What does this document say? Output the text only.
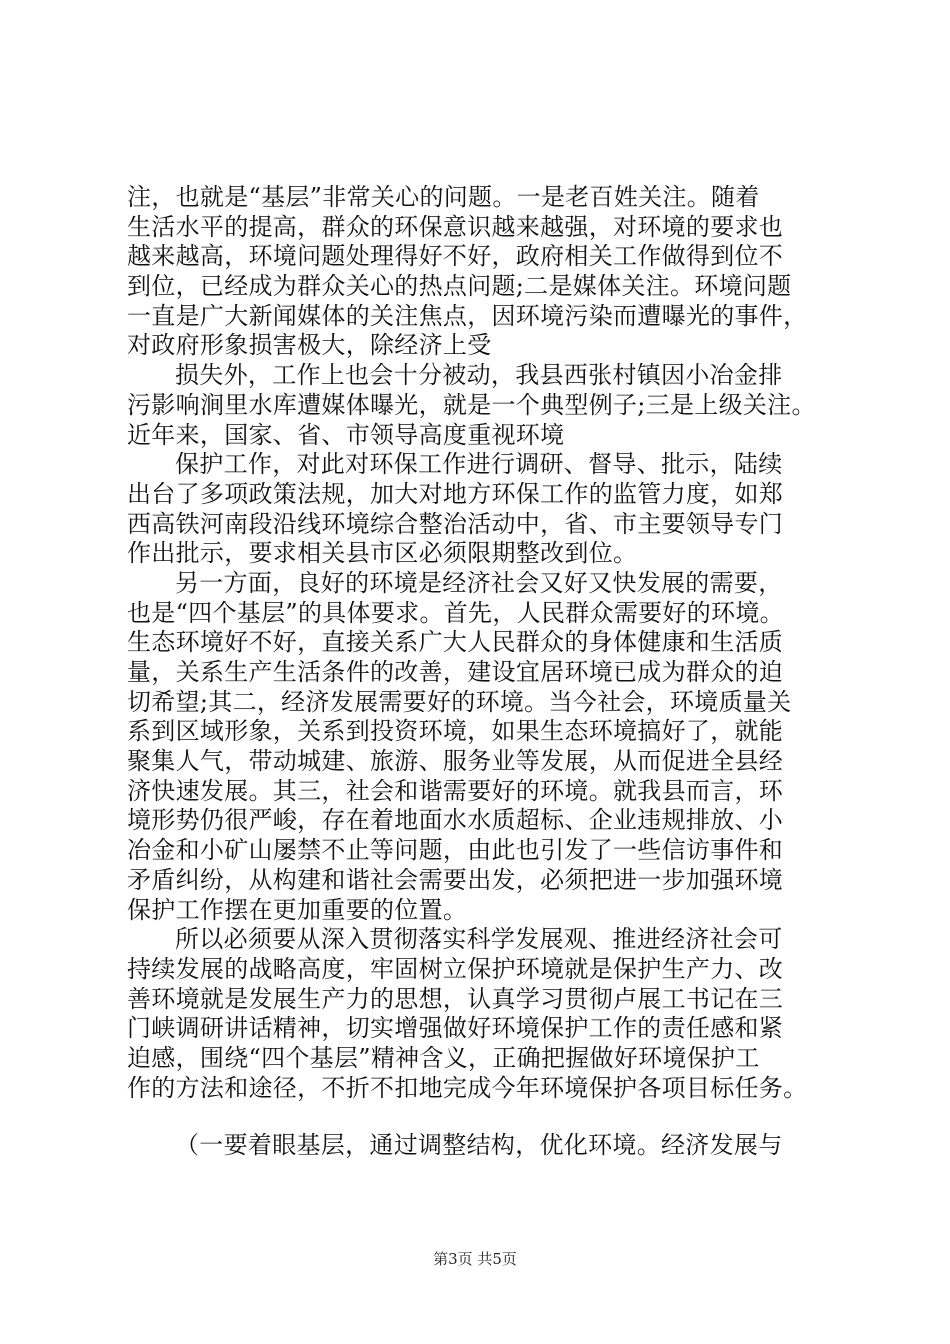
注，也就是“基层”非常关心的问题。一是老百姓关注。随着
生活水平的提高，群众的环保意识越来越强，对环境的要求也
越来越高，环境问题处理得好不好，政府相关工作做得到位不
到位，已经成为群众关心的热点问题;二是媒体关注。环境问题
一直是广大新闻媒体的关注焦点，因环境污染而遭曝光的事件，
对政府形象损害极大，除经济上受
损失外，工作上也会十分被动，我县西张村镇因小冶金排
污影响涧里水库遭媒体曝光，就是一个典型例子;三是上级关注。
近年来，国家、省、市领导高度重视环境
保护工作，对此对环保工作进行调研、督导、批示，陆续
出台了多项政策法规，加大对地方环保工作的监管力度，如郑
西高铁河南段沿线环境综合整治活动中，省、市主要领导专门
作出批示，要求相关县市区必须限期整改到位。
另一方面，良好的环境是经济社会又好又快发展的需要，
也是“四个基层”的具体要求。首先，人民群众需要好的环境。
生态环境好不好，直接关系广大人民群众的身体健康和生活质
量，关系生产生活条件的改善，建设宜居环境已成为群众的迫
切希望;其二，经济发展需要好的环境。当今社会，环境质量关
系到区域形象，关系到投资环境，如果生态环境搞好了，就能
聚集人气，带动城建、旅游、服务业等发展，从而促进全县经
济快速发展。其三，社会和谐需要好的环境。就我县而言，环
境形势仍很严峻，存在着地面水水质超标、企业违规排放、小
冶金和小矿山屡禁不止等问题，由此也引发了一些信访事件和
矛盾纠纷，从构建和谐社会需要出发，必须把进一步加强环境
保护工作摆在更加重要的位置。
所以必须要从深入贯彻落实科学发展观、推进经济社会可
持续发展的战略高度，牢固树立保护环境就是保护生产力、改
善环境就是发展生产力的思想，认真学习贯彻卢展工书记在三
门峡调研讲话精神，切实增强做好环境保护工作的责任感和紧
迫感，围绕“四个基层”精神含义，正确把握做好环境保护工
作的方法和途径，不折不扣地完成今年环境保护各项目标任务。
（一要着眼基层，通过调整结构，优化环境。经济发展与
第3页 共5页
